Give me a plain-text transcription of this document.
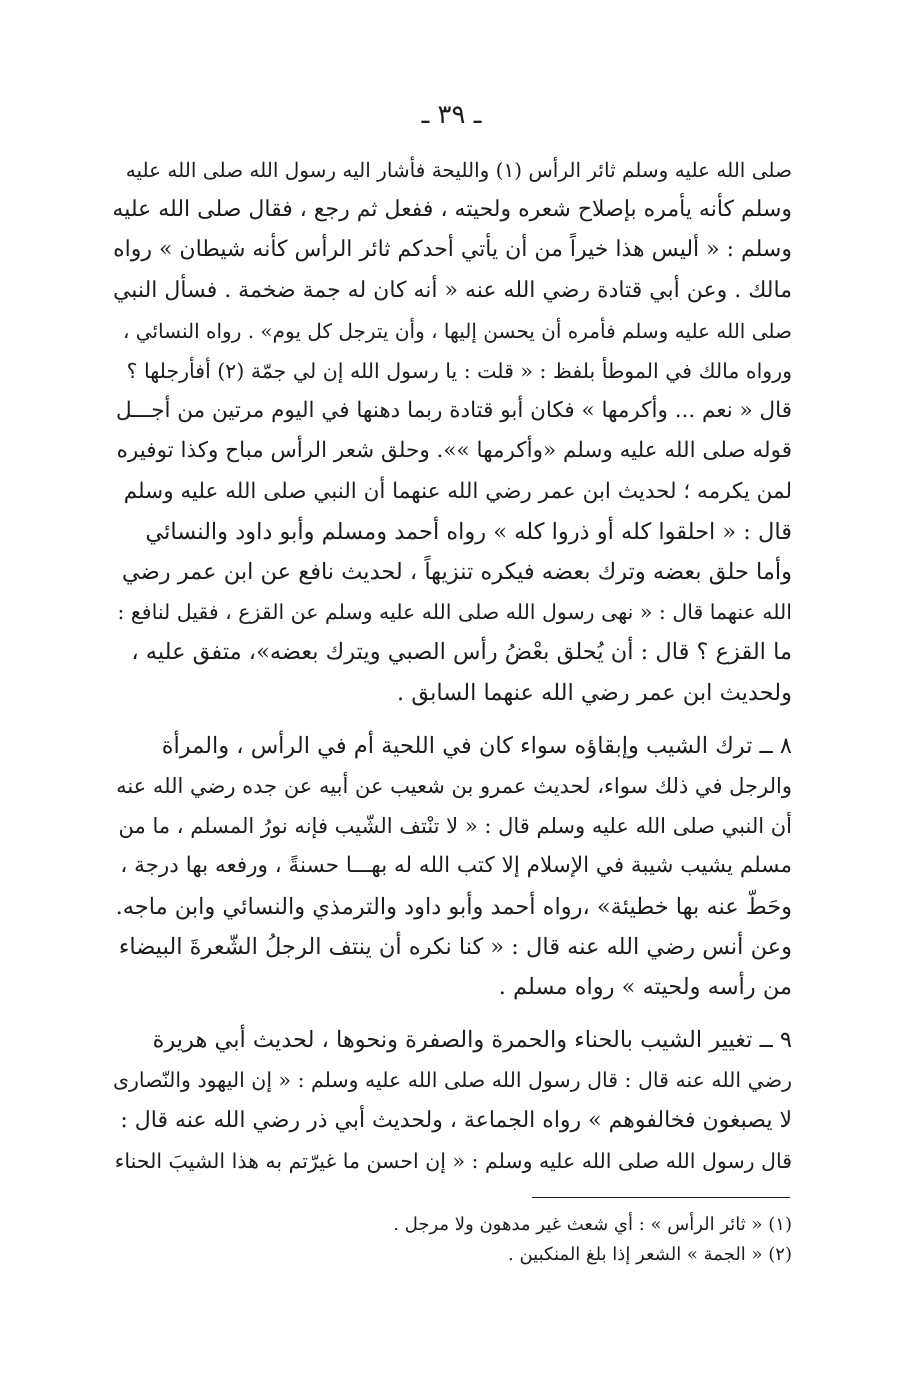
ـ ٣٩ ـ

صلى الله عليه وسلم ثائر الرأس (١) والليحة فأشار اليه رسول الله صلى الله عليه
وسلم كأنه يأمره بإصلاح شعره ولحيته ، ففعل ثم رجع ، فقال صلى الله عليه
وسلم : « أليس هذا خيراً من أن يأتي أحدكم ثائر الرأس كأنه شيطان » رواه
مالك . وعن أبي قتادة رضي الله عنه « أنه كان له جمة ضخمة . فسأل النبي
صلى الله عليه وسلم فأمره أن يحسن إليها ، وأن يترجل كل يوم» . رواه النسائي ،
ورواه مالك في الموطأ بلفظ : « قلت : يا رسول الله إن لي جمّة (٢) أفأرجلها ؟
قال « نعم ... وأكرمها » فكان أبو قتادة ربما دهنها في اليوم مرتين من أجـــل
قوله صلى الله عليه وسلم «وأكرمها »». وحلق شعر الرأس مباح وكذا توفيره
لمن يكرمه ؛ لحديث ابن عمر رضي الله عنهما أن النبي صلى الله عليه وسلم
قال : « احلقوا كله أو ذروا كله » رواه أحمد ومسلم وأبو داود والنسائي
وأما حلق بعضه وترك بعضه فيكره تنزيهاً ، لحديث نافع عن ابن عمر رضي
الله عنهما قال : « نهى رسول الله صلى الله عليه وسلم عن القزع ، فقيل لنافع :
ما القزع ؟ قال : أن يُحلق بعْضُ رأس الصبي ويترك بعضه»، متفق عليه ،
ولحديث ابن عمر رضي الله عنهما السابق .

٨ ــ ترك الشيب وإبقاؤه سواء كان في اللحية أم في الرأس ، والمرأة
والرجل في ذلك سواء، لحديث عمرو بن شعيب عن أبيه عن جده رضي الله عنه
أن النبي صلى الله عليه وسلم قال : « لا تنْتف الشّيب فإنه نورُ المسلم ، ما من
مسلم يشيب شيبة في الإسلام إلا كتب الله له بهـــا حسنةً ، ورفعه بها درجة ،
وحَطّ عنه بها خطيئة» ،رواه أحمد وأبو داود والترمذي والنسائي وابن ماجه.
وعن أنس رضي الله عنه قال : « كنا نكره أن ينتف الرجلُ الشّعرةَ البيضاء
من رأسه ولحيته » رواه مسلم .

٩ ــ تغيير الشيب بالحناء والحمرة والصفرة ونحوها ، لحديث أبي هريرة
رضي الله عنه قال : قال رسول الله صلى الله عليه وسلم : « إن اليهود والنّصارى
لا يصبغون فخالفوهم » رواه الجماعة ، ولحديث أبي ذر رضي الله عنه قال :
قال رسول الله صلى الله عليه وسلم : « إن احسن ما غيرّتم به هذا الشيبَ الحناء

(١) « ثائر الرأس » : أي شعث غير مدهون ولا مرجل .
(٢) « الجمة » الشعر إذا بلغ المنكبين .
